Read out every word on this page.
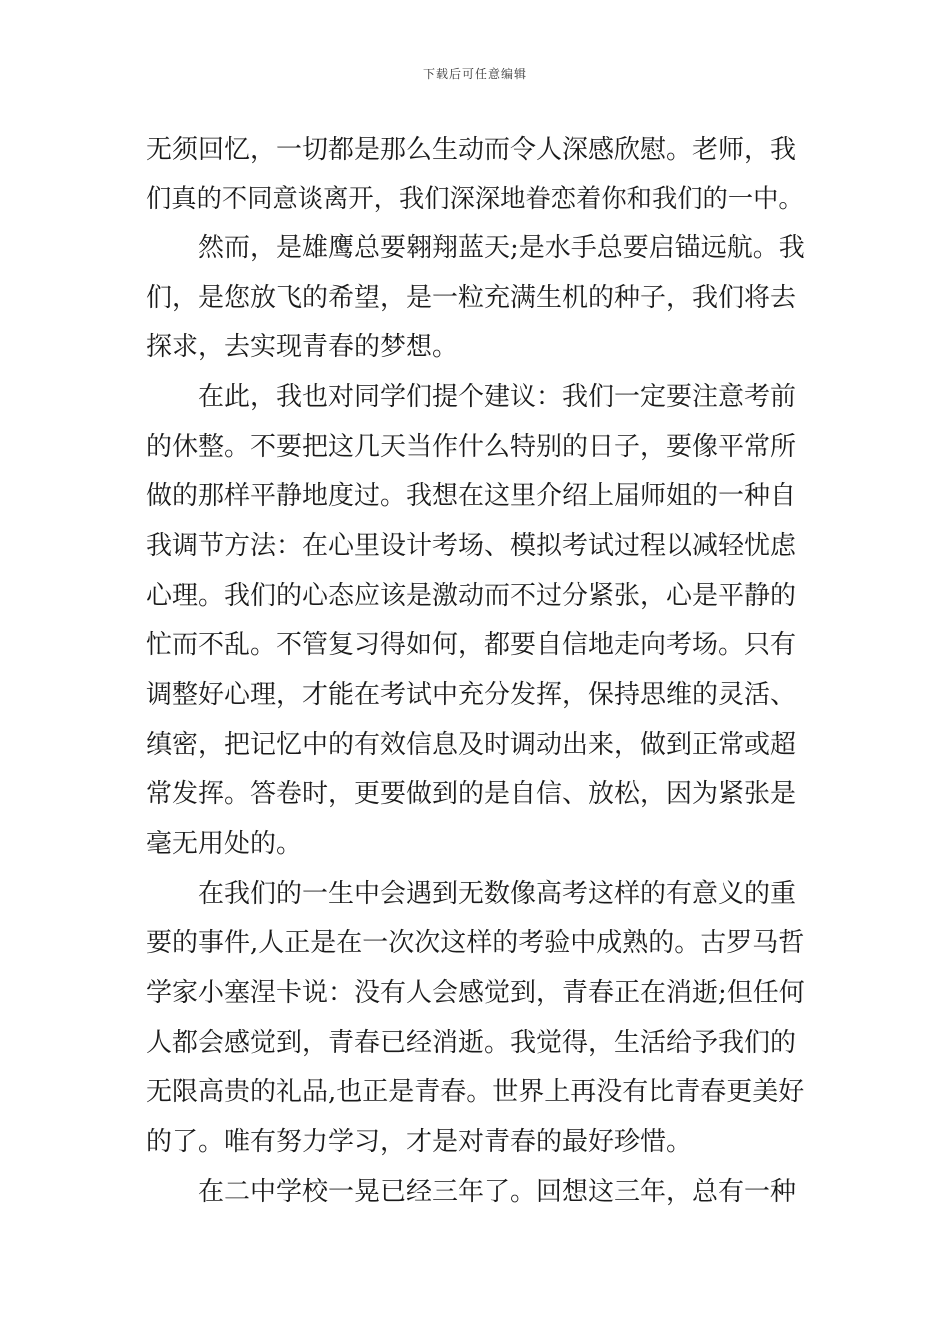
下载后可任意编辑
无须回忆，一切都是那么生动而令人深感欣慰。老师，我
们真的不同意谈离开，我们深深地眷恋着你和我们的一中。
然而，是雄鹰总要翱翔蓝天;是水手总要启锚远航。我
们，是您放飞的希望，是一粒充满生机的种子，我们将去
探求，去实现青春的梦想。
在此，我也对同学们提个建议：我们一定要注意考前
的休整。不要把这几天当作什么特别的日子，要像平常所
做的那样平静地度过。我想在这里介绍上届师姐的一种自
我调节方法：在心里设计考场、模拟考试过程以减轻忧虑
心理。我们的心态应该是激动而不过分紧张，心是平静的
忙而不乱。不管复习得如何，都要自信地走向考场。只有
调整好心理，才能在考试中充分发挥，保持思维的灵活、
缜密，把记忆中的有效信息及时调动出来，做到正常或超
常发挥。答卷时，更要做到的是自信、放松，因为紧张是
毫无用处的。
在我们的一生中会遇到无数像高考这样的有意义的重
要的事件,人正是在一次次这样的考验中成熟的。古罗马哲
学家小塞涅卡说：没有人会感觉到，青春正在消逝;但任何
人都会感觉到，青春已经消逝。我觉得，生活给予我们的
无限高贵的礼品,也正是青春。世界上再没有比青春更美好
的了。唯有努力学习，才是对青春的最好珍惜。
在二中学校一晃已经三年了。回想这三年，总有一种
